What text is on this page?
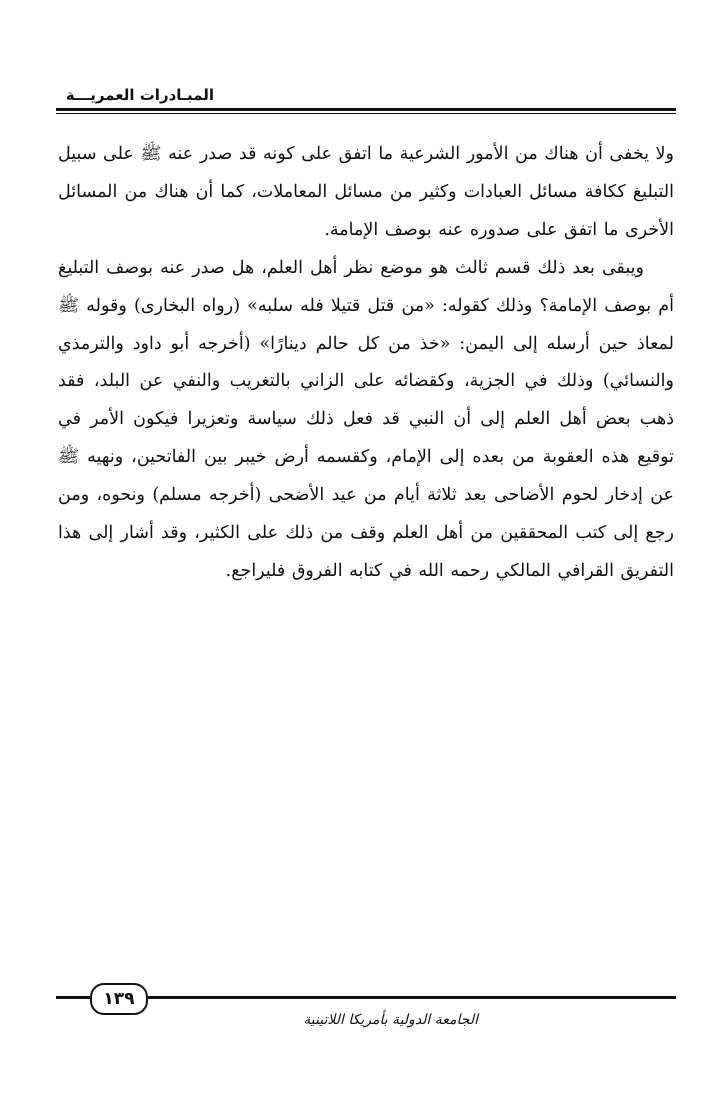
المبـادرات العمريـــة

ولا يخفى أن هناك من الأمور الشرعية ما اتفق على كونه قد صدر عنه ﷺ على سبيل التبليغ ككافة مسائل العبادات وكثير من مسائل المعاملات، كما أن هناك من المسائل الأخرى ما اتفق على صدوره عنه بوصف الإمامة.

ويبقى بعد ذلك قسم ثالث هو موضع نظر أهل العلم، هل صدر عنه بوصف التبليغ أم بوصف الإمامة؟ وذلك كقوله: «من قتل قتيلا فله سلبه» (رواه البخارى) وقوله ﷺ لمعاذ حين أرسله إلى اليمن: «خذ من كل حالم دينارًا» (أخرجه أبو داود والترمذي والنسائي) وذلك في الجزية، وكقضائه على الزاني بالتغريب والنفي عن البلد، فقد ذهب بعض أهل العلم إلى أن النبي قد فعل ذلك سياسة وتعزيرا فيكون الأمر في توقيع هذه العقوبة من بعده إلى الإمام، وكقسمه أرض خيبر بين الفاتحين، ونهيه ﷺ عن إدخار لحوم الأضاحى بعد ثلاثة أيام من عيد الأضحى (أخرجه مسلم) ونحوه، ومن رجع إلى كتب المحققين من أهل العلم وقف من ذلك على الكثير، وقد أشار إلى هذا التفريق القرافي المالكي رحمه الله في كتابه الفروق فليراجع.

١٣٩
الجامعة الدولية بأمريكا اللاتينية
